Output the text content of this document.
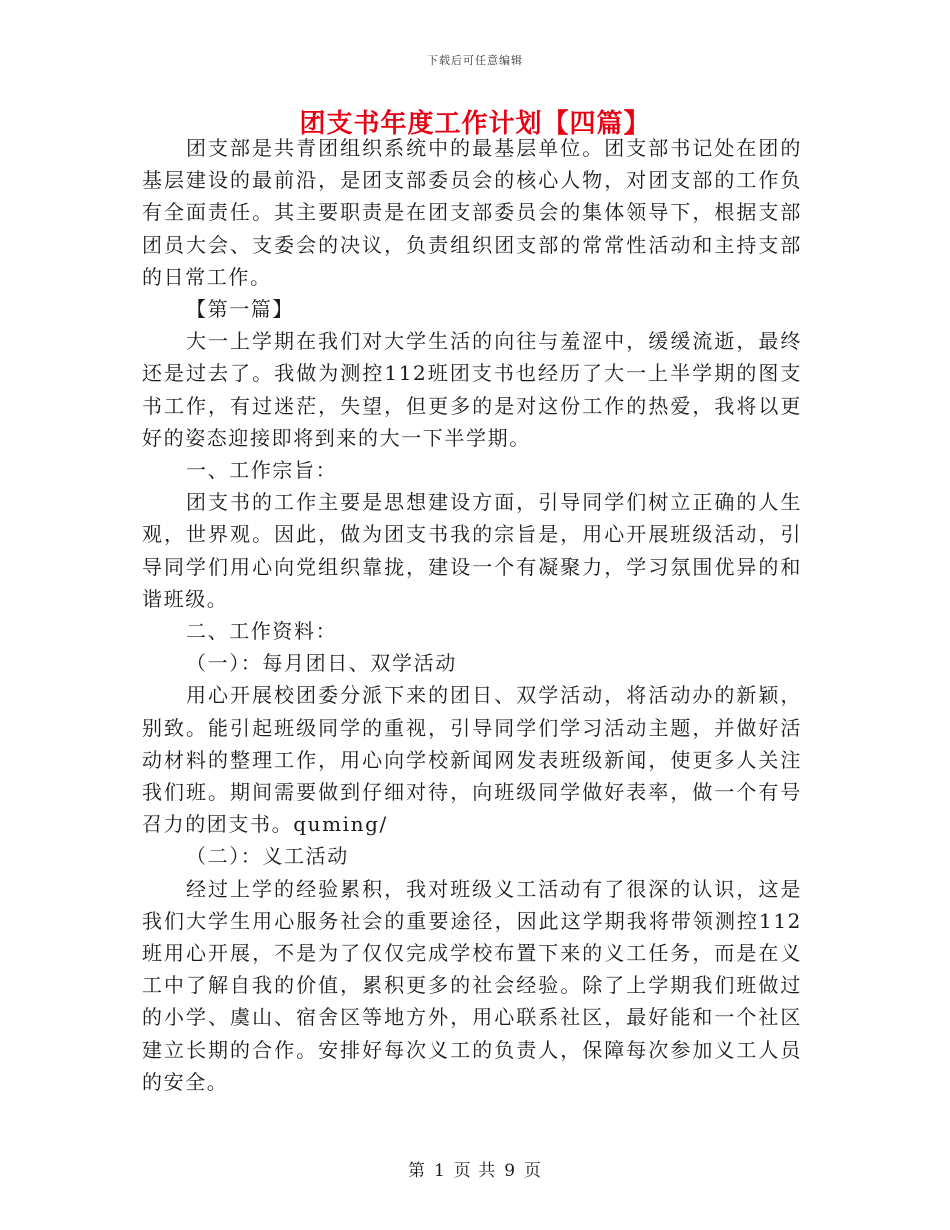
下载后可任意编辑
团支书年度工作计划【四篇】

团支部是共青团组织系统中的最基层单位。团支部书记处在团的基层建设的最前沿，是团支部委员会的核心人物，对团支部的工作负有全面责任。其主要职责是在团支部委员会的集体领导下，根据支部团员大会、支委会的决议，负责组织团支部的常常性活动和主持支部的日常工作。

【第一篇】

大一上学期在我们对大学生活的向往与羞涩中，缓缓流逝，最终还是过去了。我做为测控112班团支书也经历了大一上半学期的图支书工作，有过迷茫，失望，但更多的是对这份工作的热爱，我将以更好的姿态迎接即将到来的大一下半学期。

一、工作宗旨：

团支书的工作主要是思想建设方面，引导同学们树立正确的人生观，世界观。因此，做为团支书我的宗旨是，用心开展班级活动，引导同学们用心向党组织靠拢，建设一个有凝聚力，学习氛围优异的和谐班级。

二、工作资料：

（一）：每月团日、双学活动

用心开展校团委分派下来的团日、双学活动，将活动办的新颖，别致。能引起班级同学的重视，引导同学们学习活动主题，并做好活动材料的整理工作，用心向学校新闻网发表班级新闻，使更多人关注我们班。期间需要做到仔细对待，向班级同学做好表率，做一个有号召力的团支书。quming/

（二）：义工活动

经过上学的经验累积，我对班级义工活动有了很深的认识，这是我们大学生用心服务社会的重要途径，因此这学期我将带领测控112班用心开展，不是为了仅仅完成学校布置下来的义工任务，而是在义工中了解自我的价值，累积更多的社会经验。除了上学期我们班做过的小学、虞山、宿舍区等地方外，用心联系社区，最好能和一个社区建立长期的合作。安排好每次义工的负责人，保障每次参加义工人员的安全。

第 1 页 共 9 页
